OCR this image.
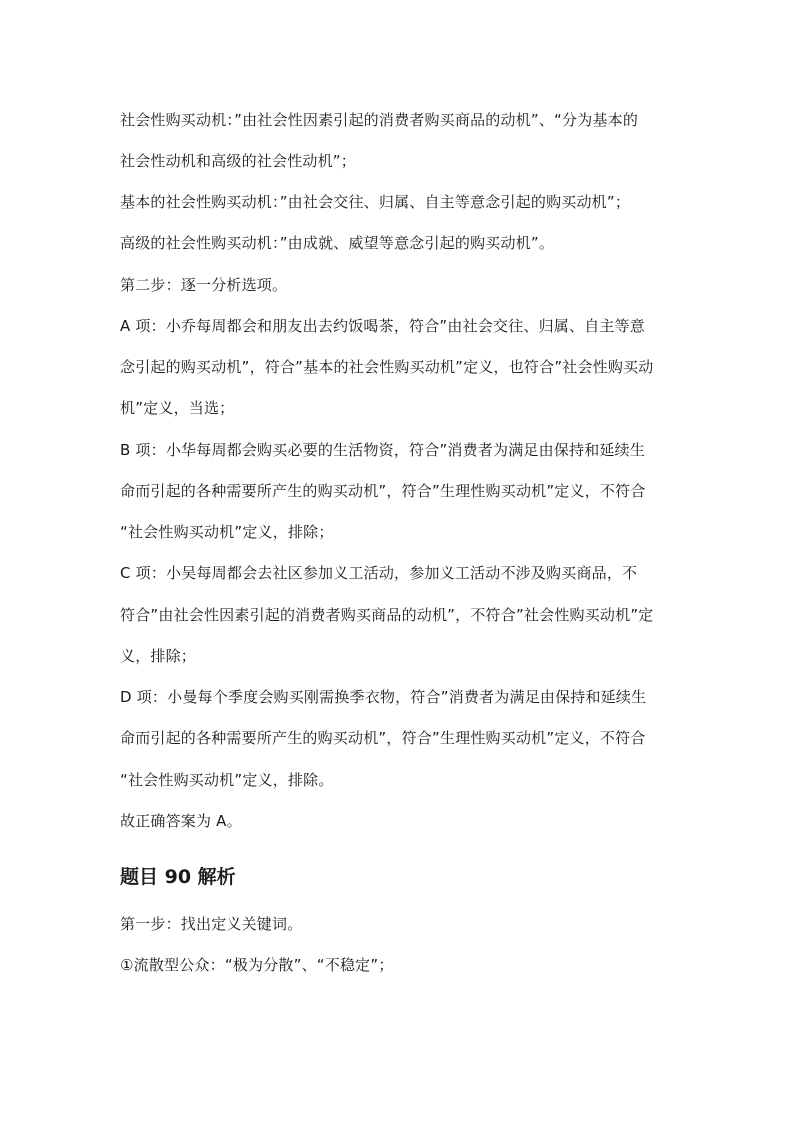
社会性购买动机：”由社会性因素引起的消费者购买商品的动机”、“分为基本的
社会性动机和高级的社会性动机”；
基本的社会性购买动机：”由社会交往、归属、自主等意念引起的购买动机”；
高级的社会性购买动机：”由成就、威望等意念引起的购买动机”。
第二步：逐一分析选项。
A 项：小乔每周都会和朋友出去约饭喝茶，符合”由社会交往、归属、自主等意
念引起的购买动机”，符合”基本的社会性购买动机”定义，也符合”社会性购买动
机”定义，当选；
B 项：小华每周都会购买必要的生活物资，符合”消费者为满足由保持和延续生
命而引起的各种需要所产生的购买动机”，符合”生理性购买动机”定义，不符合
“社会性购买动机”定义，排除；
C 项：小吴每周都会去社区参加义工活动，参加义工活动不涉及购买商品，不
符合”由社会性因素引起的消费者购买商品的动机”，不符合”社会性购买动机”定
义，排除；
D 项：小曼每个季度会购买刚需换季衣物，符合”消费者为满足由保持和延续生
命而引起的各种需要所产生的购买动机”，符合”生理性购买动机”定义，不符合
“社会性购买动机”定义，排除。
故正确答案为 A。
题目 90 解析
第一步：找出定义关键词。
①流散型公众：“极为分散”、“不稳定”；
